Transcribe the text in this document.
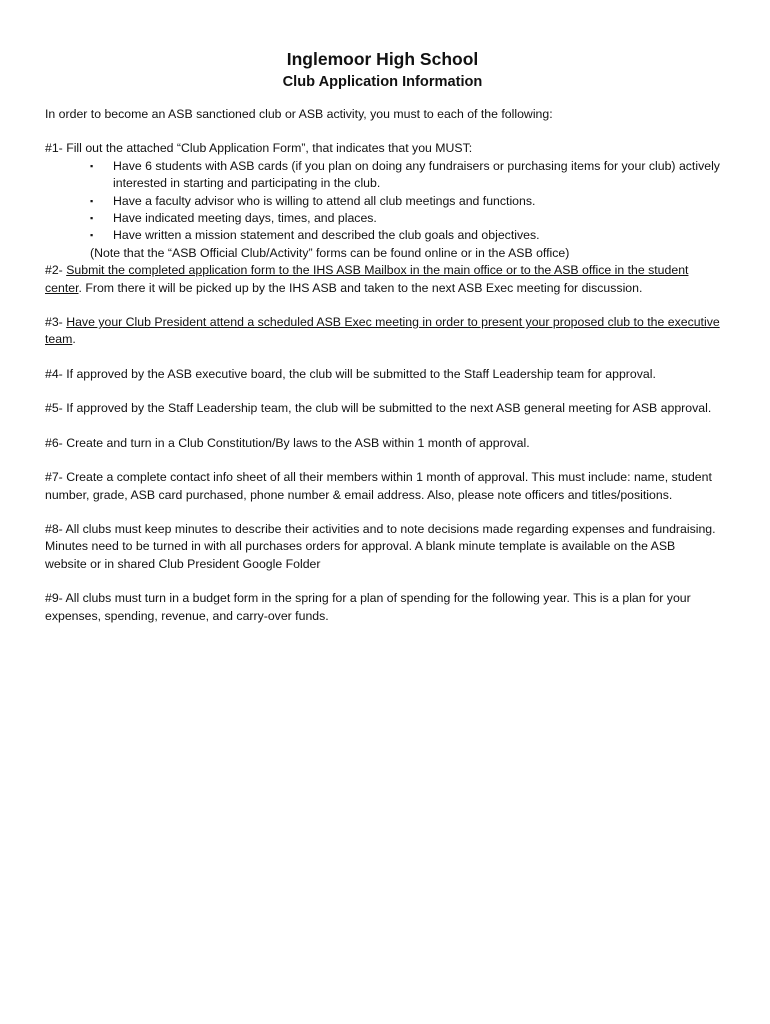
Inglemoor High School
Club Application Information

In order to become an ASB sanctioned club or ASB activity, you must to each of the following:

#1- Fill out the attached “Club Application Form”, that indicates that you MUST:

▪ Have 6 students with ASB cards (if you plan on doing any fundraisers or purchasing items for your club) actively interested in starting and participating in the club.
▪ Have a faculty advisor who is willing to attend all club meetings and functions.
▪ Have indicated meeting days, times, and places.
▪ Have written a mission statement and described the club goals and objectives.

(Note that the “ASB Official Club/Activity” forms can be found online or in the ASB office)

#2- Submit the completed application form to the IHS ASB Mailbox in the main office or to the ASB office in the student center. From there it will be picked up by the IHS ASB and taken to the next ASB Exec meeting for discussion.

#3- Have your Club President attend a scheduled ASB Exec meeting in order to present your proposed club to the executive team.

#4- If approved by the ASB executive board, the club will be submitted to the Staff Leadership team for approval.

#5- If approved by the Staff Leadership team, the club will be submitted to the next ASB general meeting for ASB approval.

#6- Create and turn in a Club Constitution/By laws to the ASB within 1 month of approval.

#7- Create a complete contact info sheet of all their members within 1 month of approval. This must include: name, student number, grade, ASB card purchased, phone number & email address. Also, please note officers and titles/positions.

#8- All clubs must keep minutes to describe their activities and to note decisions made regarding expenses and fundraising. Minutes need to be turned in with all purchases orders for approval. A blank minute template is available on the ASB website or in shared Club President Google Folder

#9- All clubs must turn in a budget form in the spring for a plan of spending for the following year. This is a plan for your expenses, spending, revenue, and carry-over funds.
